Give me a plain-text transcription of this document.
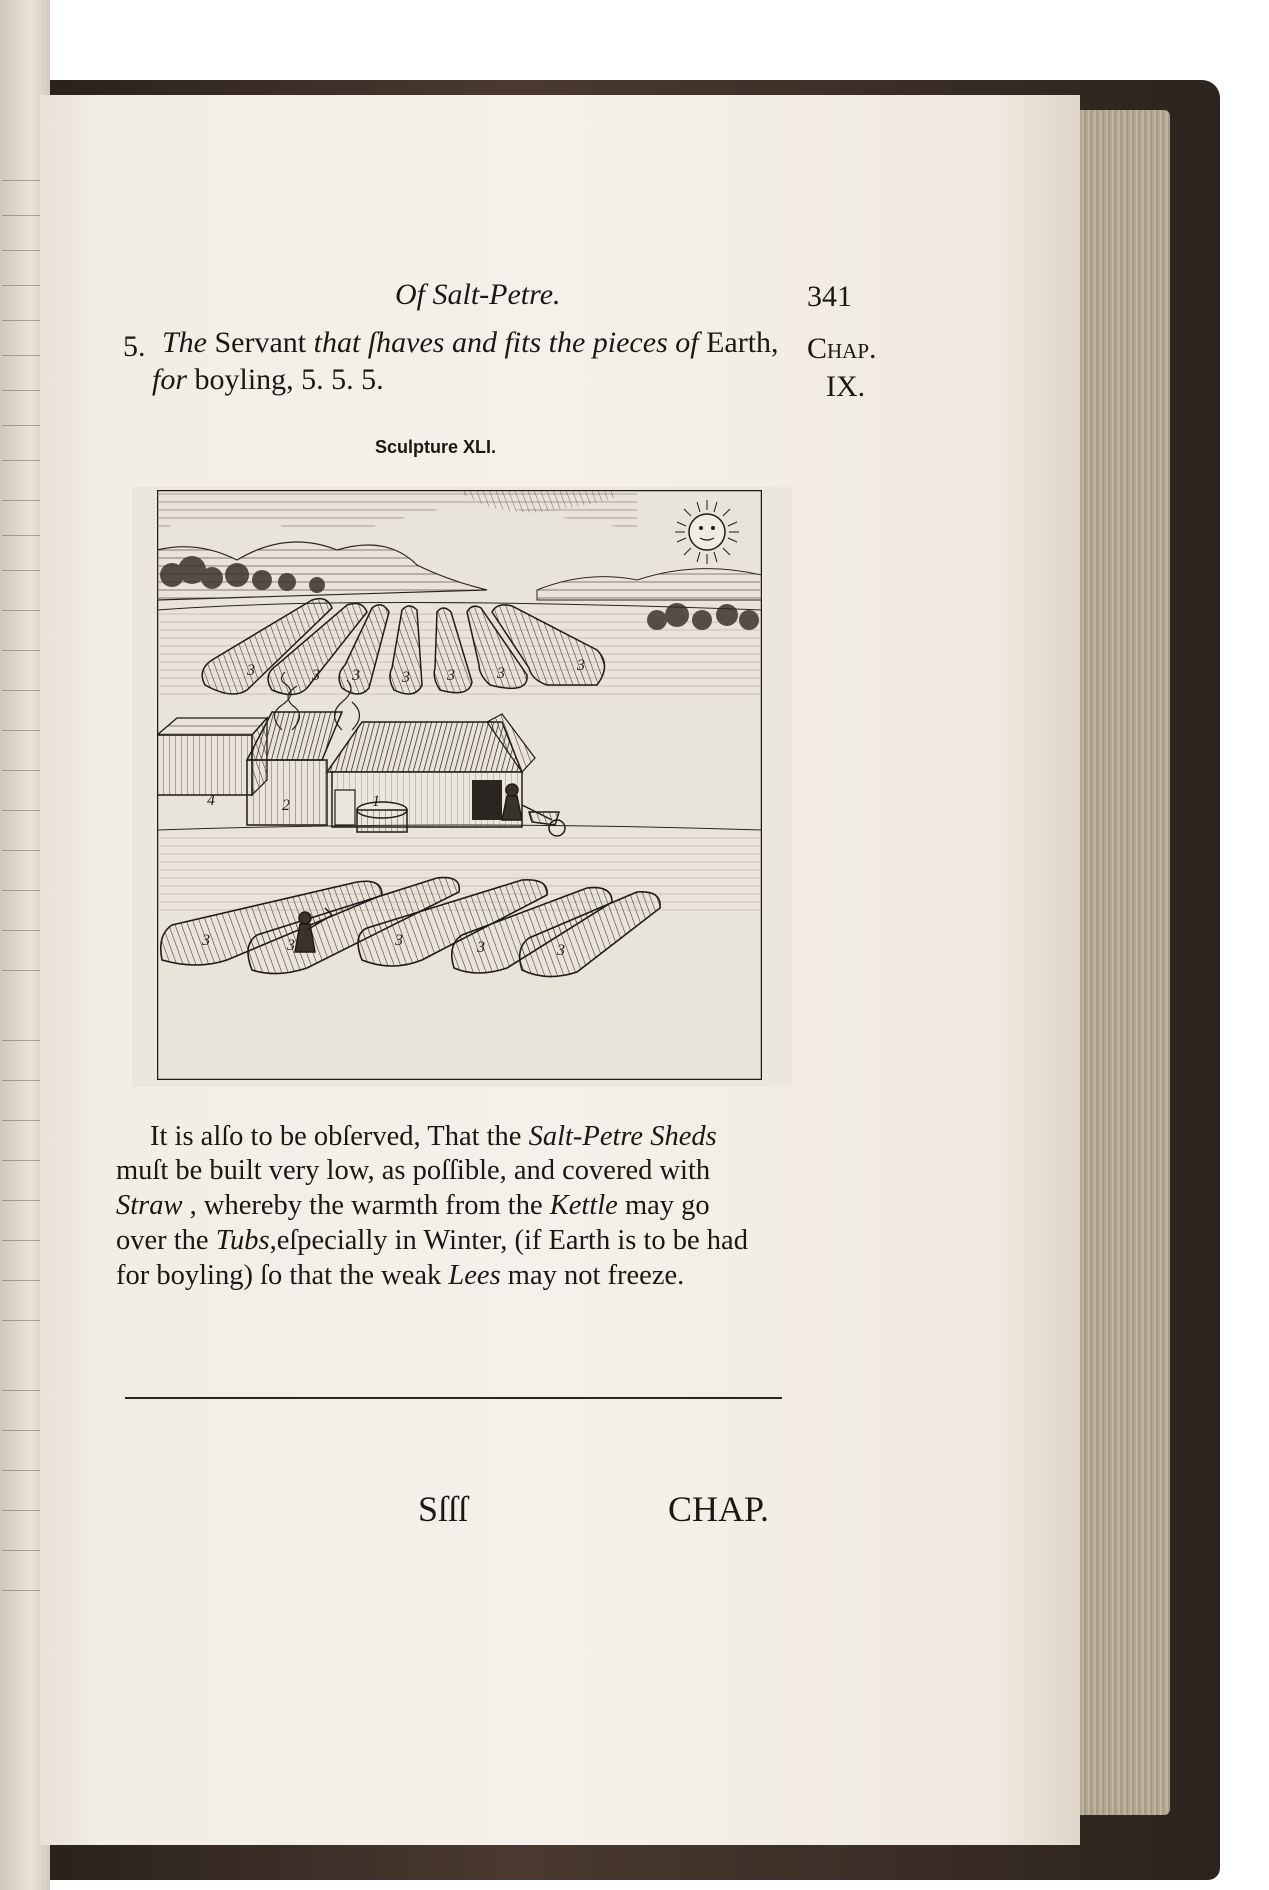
Of Salt-Petre.	341
5. The Servant that ſhaves and fits the pieces of Earth,
for boyling, 5. 5. 5.
Chap.
IX.
Sculpture XLI.
4	2	1
3	3 3	3 3	3	3
3	3	3	3	3
It is alſo to be obſerved, That the Salt-Petre Sheds
muſt be built very low, as poſſible, and covered with
Straw , whereby the warmth from the Kettle may go
over the Tubs,eſpecially in Winter, (if Earth is to be had
for boyling) ſo that the weak Lees may not freeze.
Sſſſ	CHAP.
